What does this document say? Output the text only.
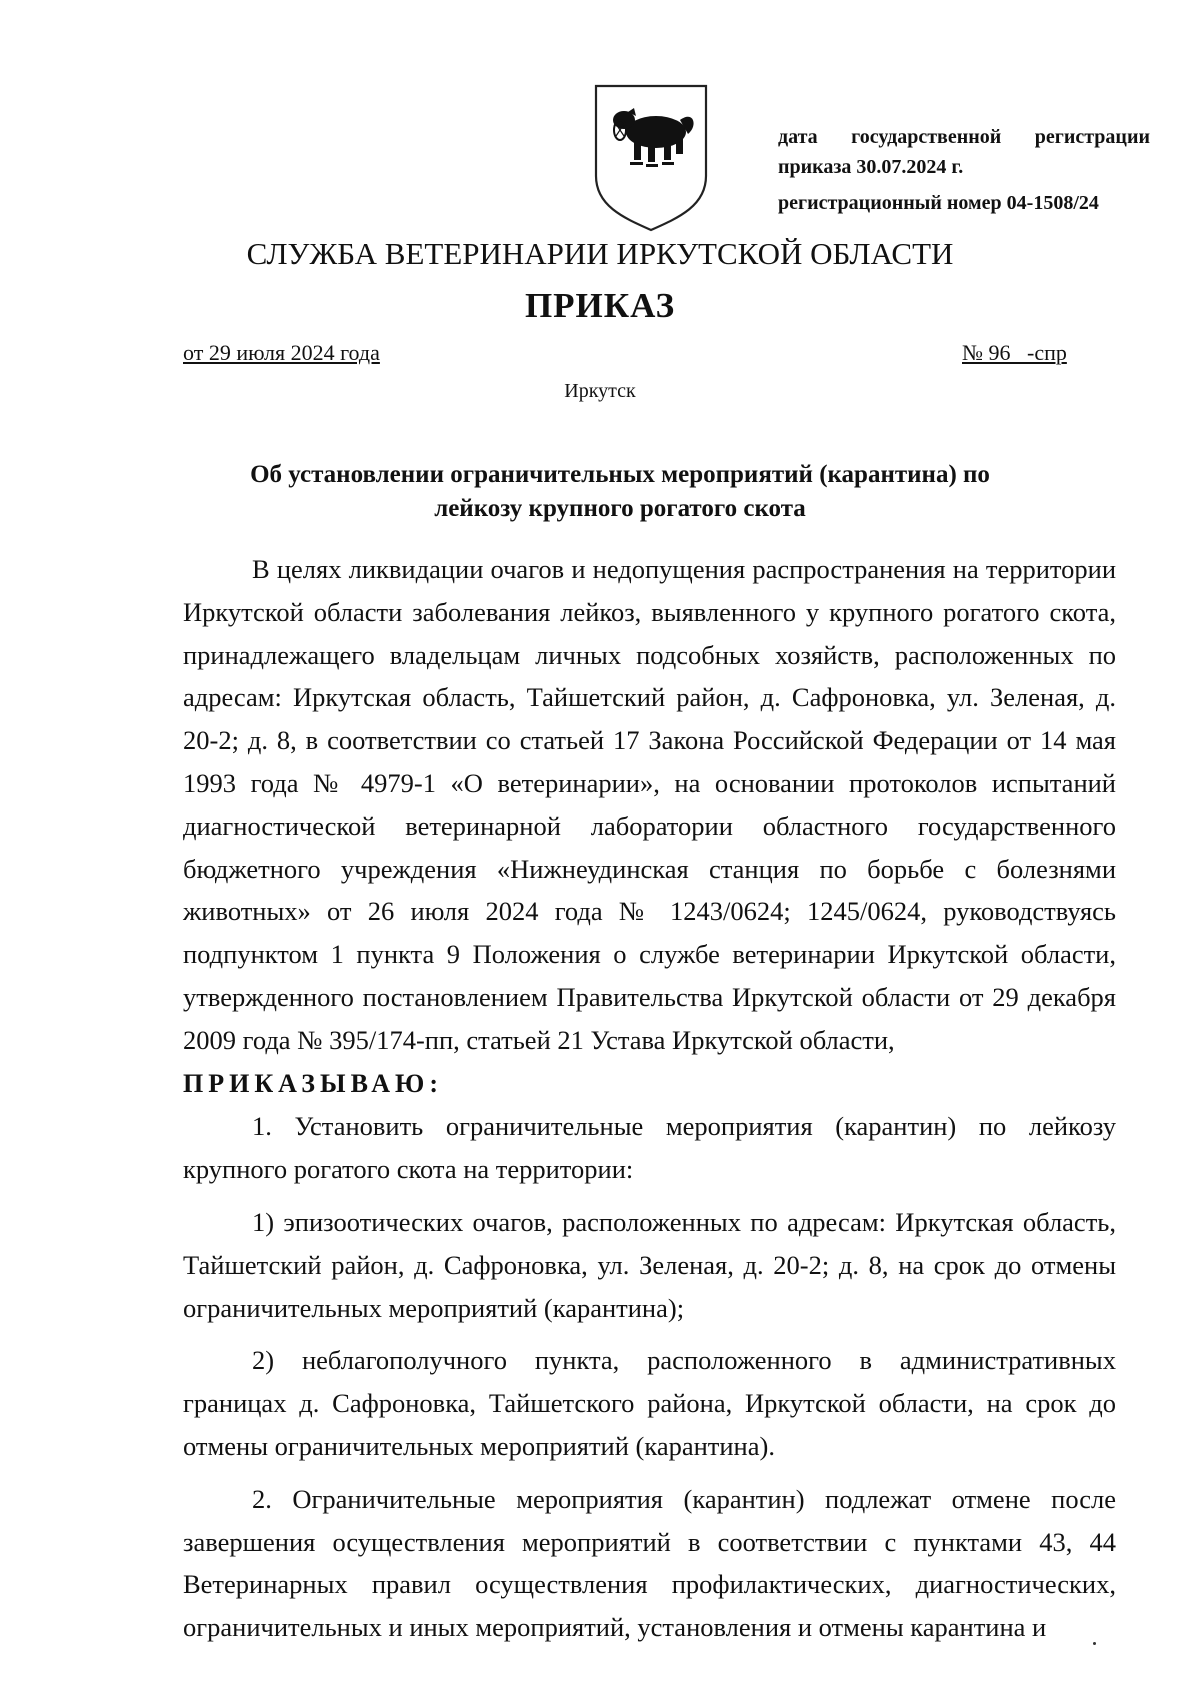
дата государственной регистрации
приказа 30.07.2024 г.
регистрационный номер 04-1508/24
СЛУЖБА ВЕТЕРИНАРИИ ИРКУТСКОЙ ОБЛАСТИ
ПРИКАЗ
от 29 июля 2024 года	№ 96   -спр
Иркутск
Об установлении ограничительных мероприятий (карантина) по
лейкозу крупного рогатого скота

В целях ликвидации очагов и недопущения распространения на территории Иркутской области заболевания лейкоз, выявленного у крупного рогатого скота, принадлежащего владельцам личных подсобных хозяйств, расположенных по адресам: Иркутская область, Тайшетский район, д. Сафроновка, ул. Зеленая, д. 20-2; д. 8, в соответствии со статьей 17 Закона Российской Федерации от 14 мая 1993 года № 4979-1 «О ветеринарии», на основании протоколов испытаний диагностической ветеринарной лаборатории областного государственного бюджетного учреждения «Нижнеудинская станция по борьбе с болезнями животных» от 26 июля 2024 года № 1243/0624; 1245/0624, руководствуясь подпунктом 1 пункта 9 Положения о службе ветеринарии Иркутской области, утвержденного постановлением Правительства Иркутской области от 29 декабря 2009 года № 395/174-пп, статьей 21 Устава Иркутской области,

ПРИКАЗЫВАЮ:

1. Установить ограничительные мероприятия (карантин) по лейкозу крупного рогатого скота на территории:

1) эпизоотических очагов, расположенных по адресам: Иркутская область, Тайшетский район, д. Сафроновка, ул. Зеленая, д. 20-2; д. 8, на срок до отмены ограничительных мероприятий (карантина);

2) неблагополучного пункта, расположенного в административных границах д. Сафроновка, Тайшетского района, Иркутской области, на срок до отмены ограничительных мероприятий (карантина).

2. Ограничительные мероприятия (карантин) подлежат отмене после завершения осуществления мероприятий в соответствии с пунктами 43, 44 Ветеринарных правил осуществления профилактических, диагностических, ограничительных и иных мероприятий, установления и отмены карантина и
